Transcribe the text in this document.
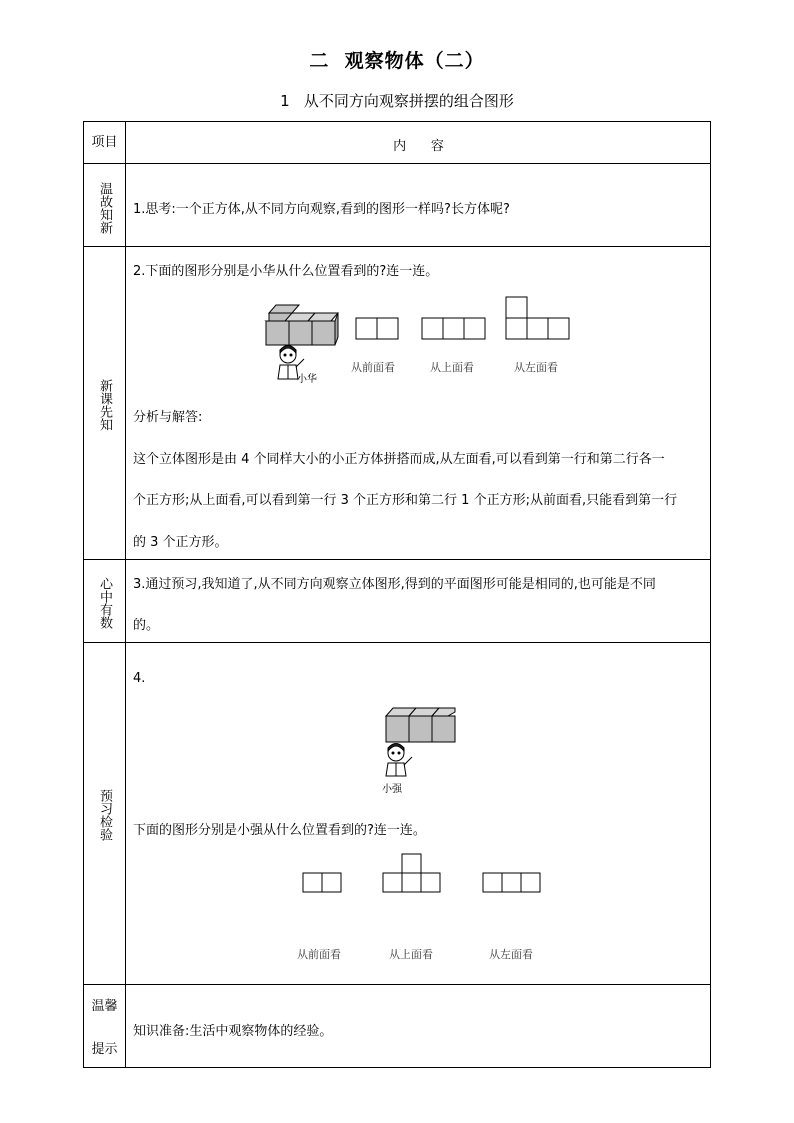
二  观察物体（二）
1   从不同方向观察拼摆的组合图形
项目	内      容
温故知新 1.思考:一个正方体,从不同方向观察,看到的图形一样吗?长方体呢?
新课先知
2.下面的图形分别是小华从什么位置看到的?连一连。
小华
从前面看	从上面看	从左面看
分析与解答:
这个立体图形是由 4 个同样大小的小正方体拼搭而成,从左面看,可以看到第一行和第二行各一
个正方形;从上面看,可以看到第一行 3 个正方形和第二行 1 个正方形;从前面看,只能看到第一行
的 3 个正方形。
心中有数 3.通过预习,我知道了,从不同方向观察立体图形,得到的平面图形可能是相同的,也可能是不同
的。
预习检验
4.
小强
下面的图形分别是小强从什么位置看到的?连一连。
从前面看	从上面看	从左面看
温馨
提示
知识准备:生活中观察物体的经验。
